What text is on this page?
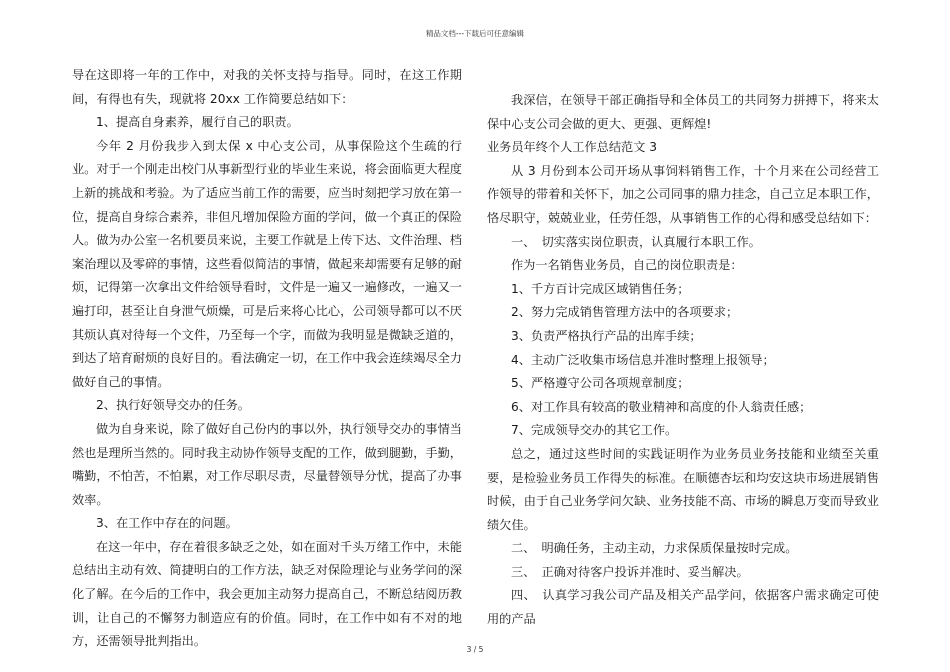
精品文档---下载后可任意编辑

导在这即将一年的工作中，对我的关怀支持与指导。同时，在这工作期间，有得也有失，现就将 20xx 工作简要总结如下：

1、提高自身素养，履行自己的职责。

今年 2 月份我步入到太保 x 中心支公司，从事保险这个生疏的行业。对于一个刚走出校门从事新型行业的毕业生来说，将会面临更大程度上新的挑战和考验。为了适应当前工作的需要，应当时刻把学习放在第一位，提高自身综合素养，非但凡增加保险方面的学问，做一个真正的保险人。做为办公室一名机要员来说，主要工作就是上传下达、文件治理、档案治理以及零碎的事情，这些看似简洁的事情，做起来却需要有足够的耐烦，记得第一次拿出文件给领导看时，文件是一遍又一遍修改，一遍又一遍打印，甚至让自身泄气烦燥，可是后来将心比心，公司领导都可以不厌其烦认真对待每一个文件，乃至每一个字，而做为我明显是微缺乏道的，到达了培育耐烦的良好目的。看法确定一切，在工作中我会连续竭尽全力做好自己的事情。

2、执行好领导交办的任务。

做为自身来说，除了做好自己份内的事以外，执行领导交办的事情当然也是理所当然的。同时我主动协作领导支配的工作，做到腿勤，手勤，嘴勤，不怕苦，不怕累，对工作尽职尽责，尽量替领导分忧，提高了办事效率。

3、在工作中存在的问题。

在这一年中，存在着很多缺乏之处，如在面对千头万绪工作中，未能总结出主动有效、简捷明白的工作方法，缺乏对保险理论与业务学问的深化了解。在今后的工作中，我会更加主动努力提高自己，不断总结阅历教训，让自己的不懈努力制造应有的价值。同时，在工作中如有不对的地方，还需领导批判指出。

我深信，在领导干部正确指导和全体员工的共同努力拼搏下，将来太保中心支公司会做的更大、更强、更辉煌!

业务员年终个人工作总结范文 3

从 3 月份到本公司开场从事饲料销售工作，十个月来在公司经营工作领导的带着和关怀下，加之公司同事的鼎力挂念，自己立足本职工作，恪尽职守，兢兢业业，任劳任怨，从事销售工作的心得和感受总结如下：

一、　切实落实岗位职责，认真履行本职工作。

作为一名销售业务员，自己的岗位职责是：

1、千方百计完成区域销售任务；

2、努力完成销售管理方法中的各项要求；

3、负责严格执行产品的出库手续；

4、主动广泛收集市场信息并准时整理上报领导；

5、严格遵守公司各项规章制度；

6、对工作具有较高的敬业精神和高度的仆人翁责任感；

7、完成领导交办的其它工作。

总之，通过这些时间的实践证明作为业务员业务技能和业绩至关重要，是检验业务员工作得失的标准。在顺德杏坛和均安这块市场进展销售时候，由于自己业务学问欠缺、业务技能不高、市场的瞬息万变而导致业绩欠佳。

二、　明确任务，主动主动，力求保质保量按时完成。

三、　正确对待客户投诉并准时、妥当解决。

四、　认真学习我公司产品及相关产品学问，依据客户需求确定可使用的产品

3 / 5
